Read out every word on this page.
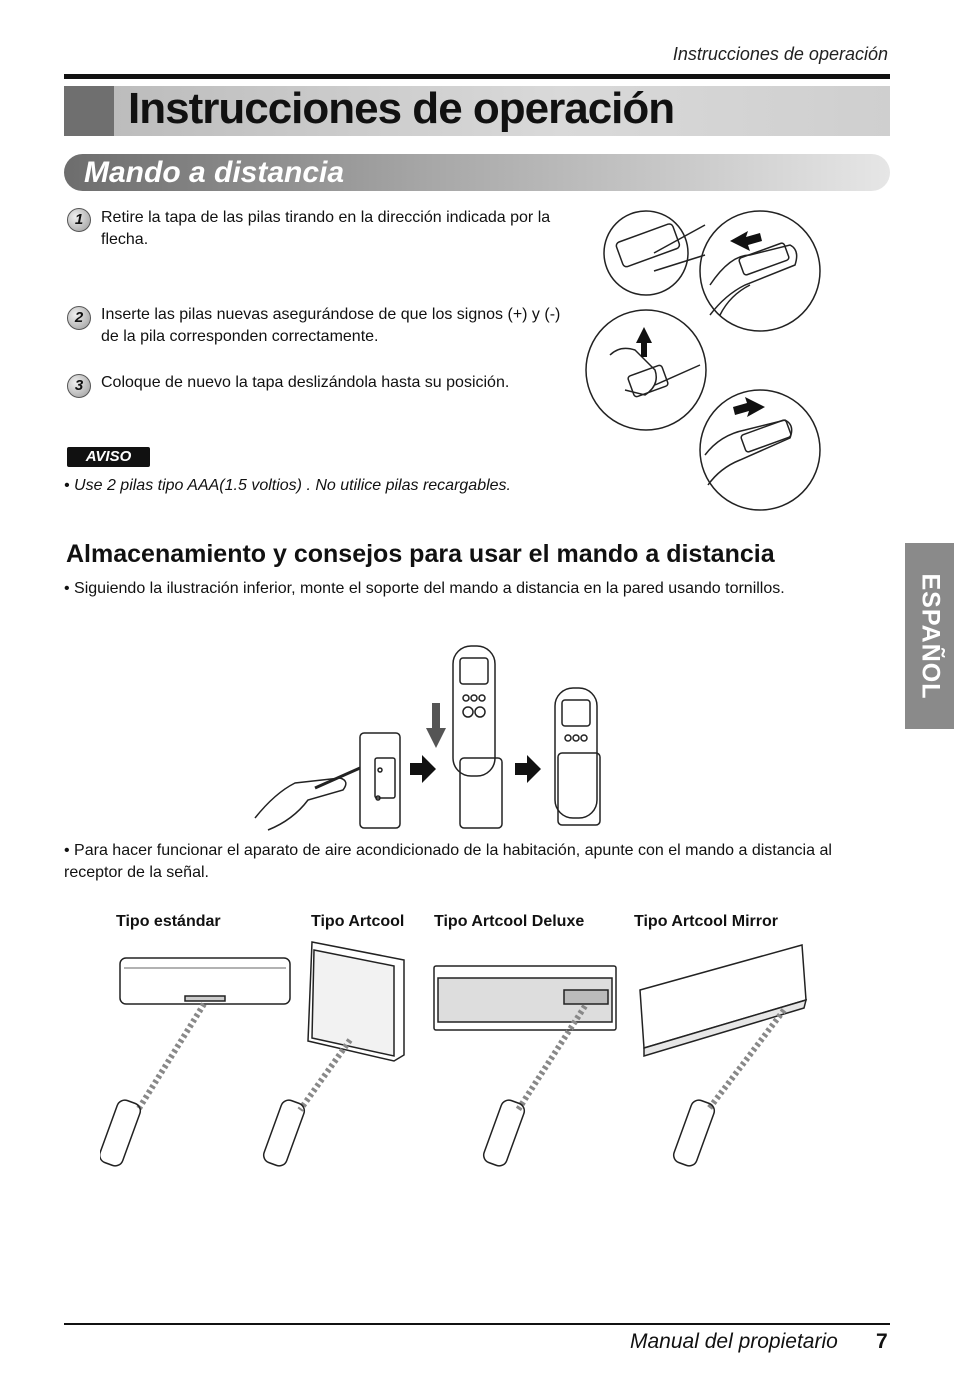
Instrucciones de operación
Instrucciones de operación
Mando a distancia
1	Retire la tapa de las pilas tirando en la dirección indicada por la flecha.
2	Inserte las pilas nuevas asegurándose de que los signos (+) y (-) de la pila corresponden correctamente.
3	Coloque de nuevo la tapa deslizándola hasta su posición.
AVISO
• Use 2 pilas tipo AAA(1.5 voltios) . No utilice pilas recargables.
Almacenamiento y consejos para usar el mando a distancia
• Siguiendo la ilustración inferior, monte el soporte del mando a distancia en la pared usando tornillos.	ESPAÑOL
• Para hacer funcionar el aparato de aire acondicionado de la habitación, apunte con el mando a distancia al receptor de la señal.
Tipo estándar	Tipo Artcool Tipo Artcool Deluxe	Tipo Artcool Mirror
Manual del propietario 7
